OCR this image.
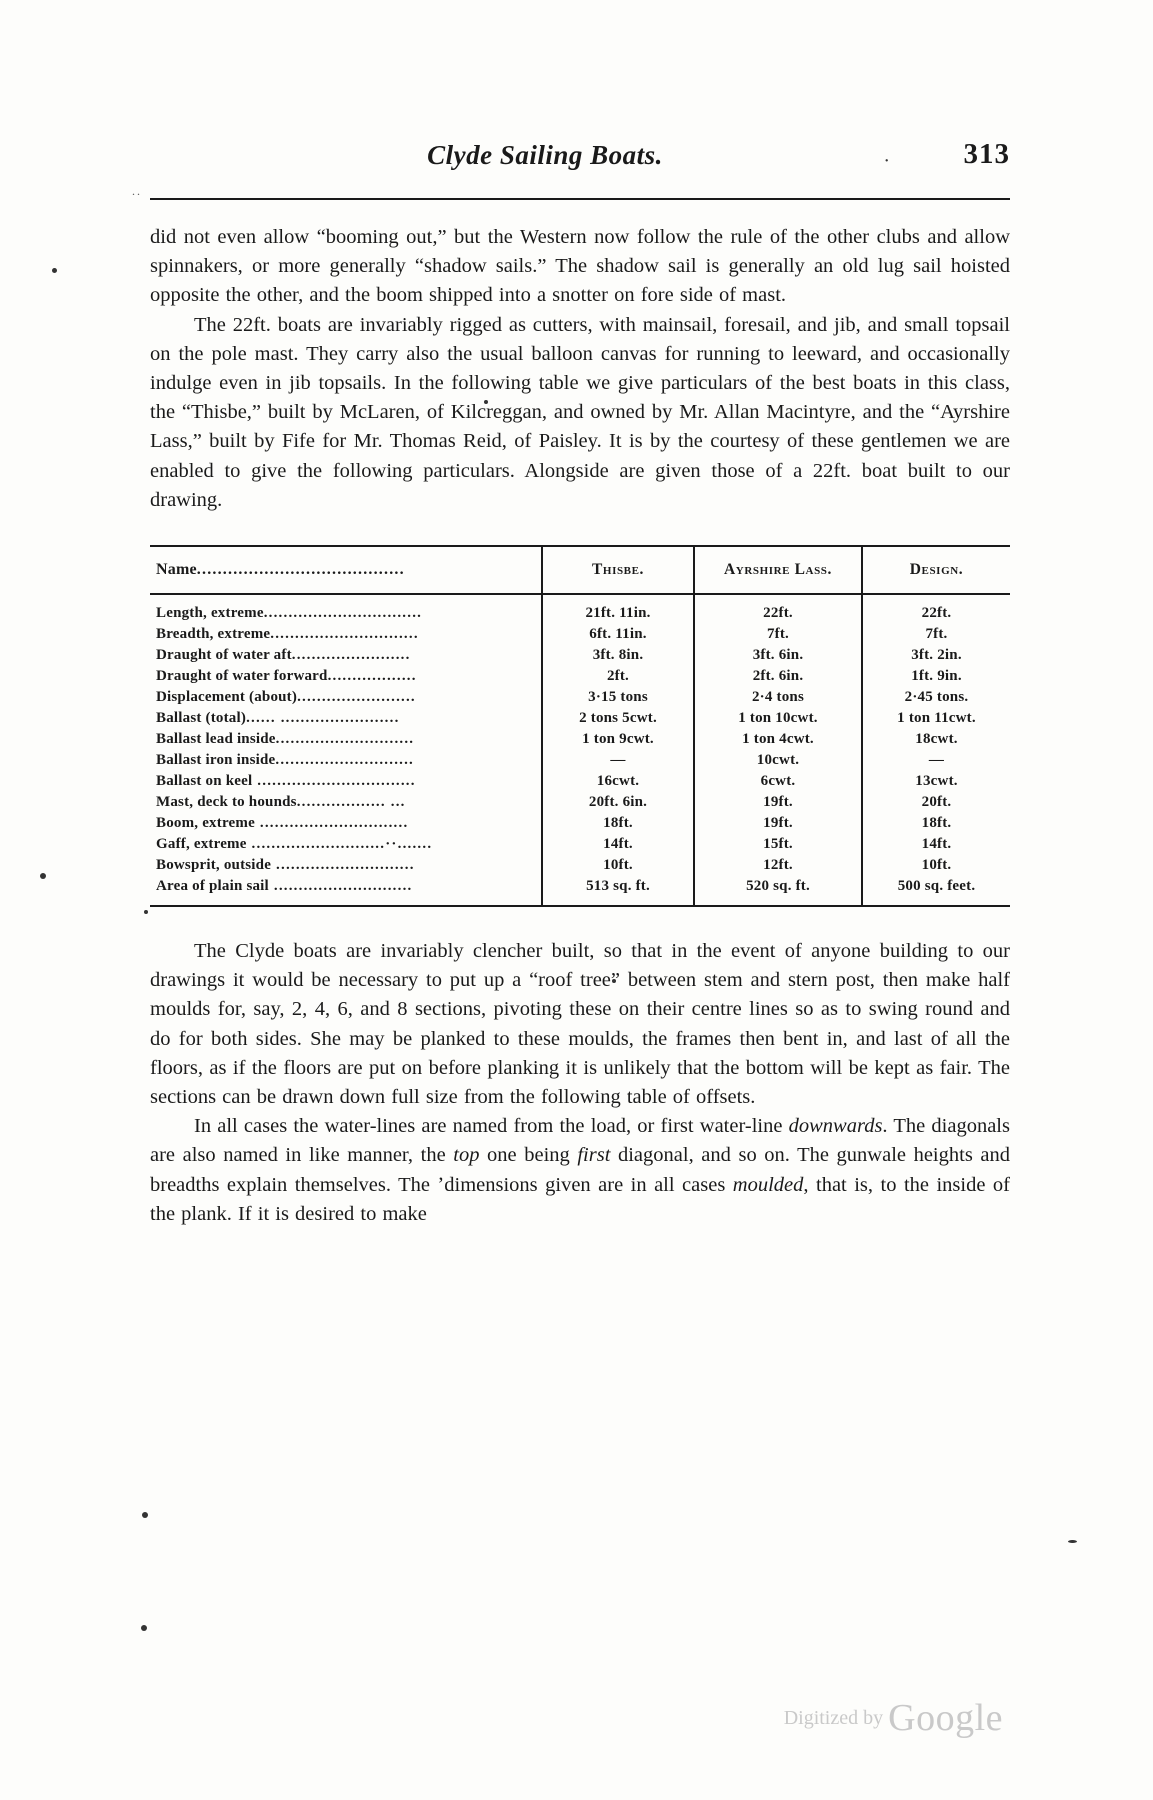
Clyde Sailing Boats.	·	313
..

did not even allow “booming out,” but the Western now follow the rule of the other clubs and allow spinnakers, or more generally “shadow sails.” The shadow sail is generally an old lug sail hoisted opposite the other, and the boom shipped into a snotter on fore side of mast.

The 22ft. boats are invariably rigged as cutters, with mainsail, foresail, and jib, and small topsail on the pole mast. They carry also the usual balloon canvas for running to leeward, and occasionally indulge even in jib topsails. In the following table we give particulars of the best boats in this class, the “Thisbe,” built by McLaren, of Kilcreggan, and owned by Mr. Allan Macintyre, and the “Ayrshire Lass,” built by Fife for Mr. Thomas Reid, of Paisley. It is by the courtesy of these gentlemen we are enabled to give the following particulars. Alongside are given those of a 22ft. boat built to our drawing.

Name........................................	Thisbe.	Ayrshire Lass.	Design.

Length, extreme................................	21ft. 11in.	22ft.	22ft.
Breadth, extreme..............................	6ft. 11in.	7ft.	7ft.
Draught of water aft........................	3ft. 8in.	3ft. 6in.	3ft. 2in.
Draught of water forward..................	2ft.	2ft. 6in.	1ft. 9in.
Displacement (about)........................	3·15 tons	2·4 tons	2·45 tons.
Ballast (total)...... ........................	2 tons 5cwt.	1 ton 10cwt.	1 ton 11cwt.
Ballast lead inside............................	1 ton 9cwt.	1 ton 4cwt.	18cwt.
Ballast iron inside............................	—	10cwt.	—
Ballast on keel ................................	16cwt.	6cwt.	13cwt.
Mast, deck to hounds.................. ...	20ft. 6in.	19ft.	20ft.
Boom, extreme ..............................	18ft.	19ft.	18ft.
Gaff, extreme ...........................··.......	14ft.	15ft.	14ft.
Bowsprit, outside ............................	10ft.	12ft.	10ft.
Area of plain sail ............................	513 sq. ft.	520 sq. ft.	500 sq. feet.

The Clyde boats are invariably clencher built, so that in the event of anyone building to our drawings it would be necessary to put up a “roof tree” between stem and stern post, then make half moulds for, say, 2, 4, 6, and 8 sections, pivoting these on their centre lines so as to swing round and do for both sides. She may be planked to these moulds, the frames then bent in, and last of all the floors, as if the floors are put on before planking it is unlikely that the bottom will be kept as fair. The sections can be drawn down full size from the following table of offsets.

In all cases the water-lines are named from the load, or first water-line downwards. The diagonals are also named in like manner, the top one being first diagonal, and so on. The gunwale heights and breadths explain themselves. The ʼdimensions given are in all cases moulded, that is, to the inside of the plank. If it is desired to make

Digitized by Google
